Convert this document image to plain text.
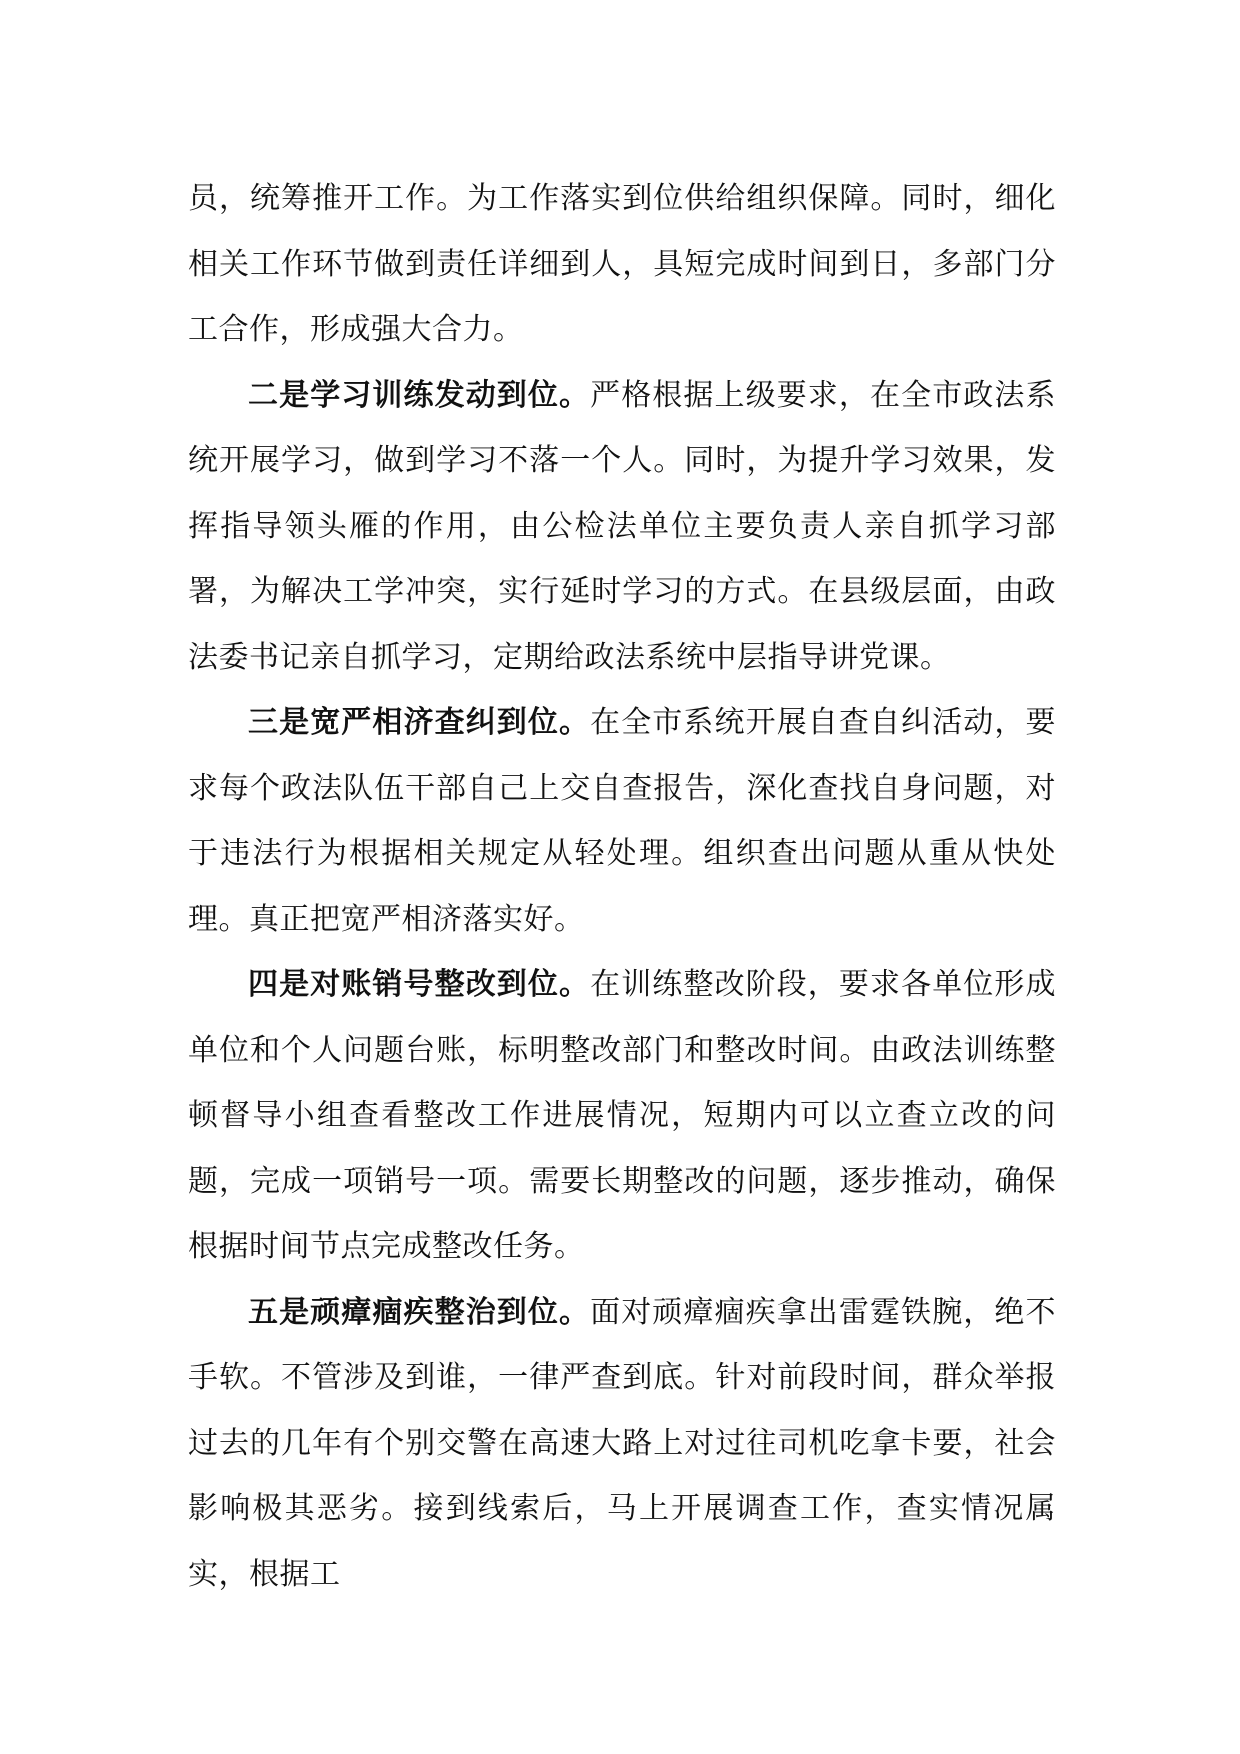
员，统筹推开工作。为工作落实到位供给组织保障。同时，细化相关工作环节做到责任详细到人，具短完成时间到日，多部门分工合作，形成强大合力。

二是学习训练发动到位。严格根据上级要求，在全市政法系统开展学习，做到学习不落一个人。同时，为提升学习效果，发挥指导领头雁的作用，由公检法单位主要负责人亲自抓学习部署，为解决工学冲突，实行延时学习的方式。在县级层面，由政法委书记亲自抓学习，定期给政法系统中层指导讲党课。

三是宽严相济查纠到位。在全市系统开展自查自纠活动，要求每个政法队伍干部自己上交自查报告，深化查找自身问题，对于违法行为根据相关规定从轻处理。组织查出问题从重从快处理。真正把宽严相济落实好。

四是对账销号整改到位。在训练整改阶段，要求各单位形成单位和个人问题台账，标明整改部门和整改时间。由政法训练整顿督导小组查看整改工作进展情况，短期内可以立查立改的问题，完成一项销号一项。需要长期整改的问题，逐步推动，确保根据时间节点完成整改任务。

五是顽瘴痼疾整治到位。面对顽瘴痼疾拿出雷霆铁腕，绝不手软。不管涉及到谁，一律严查到底。针对前段时间，群众举报过去的几年有个别交警在高速大路上对过往司机吃拿卡要，社会影响极其恶劣。接到线索后，马上开展调查工作，查实情况属实，根据工
